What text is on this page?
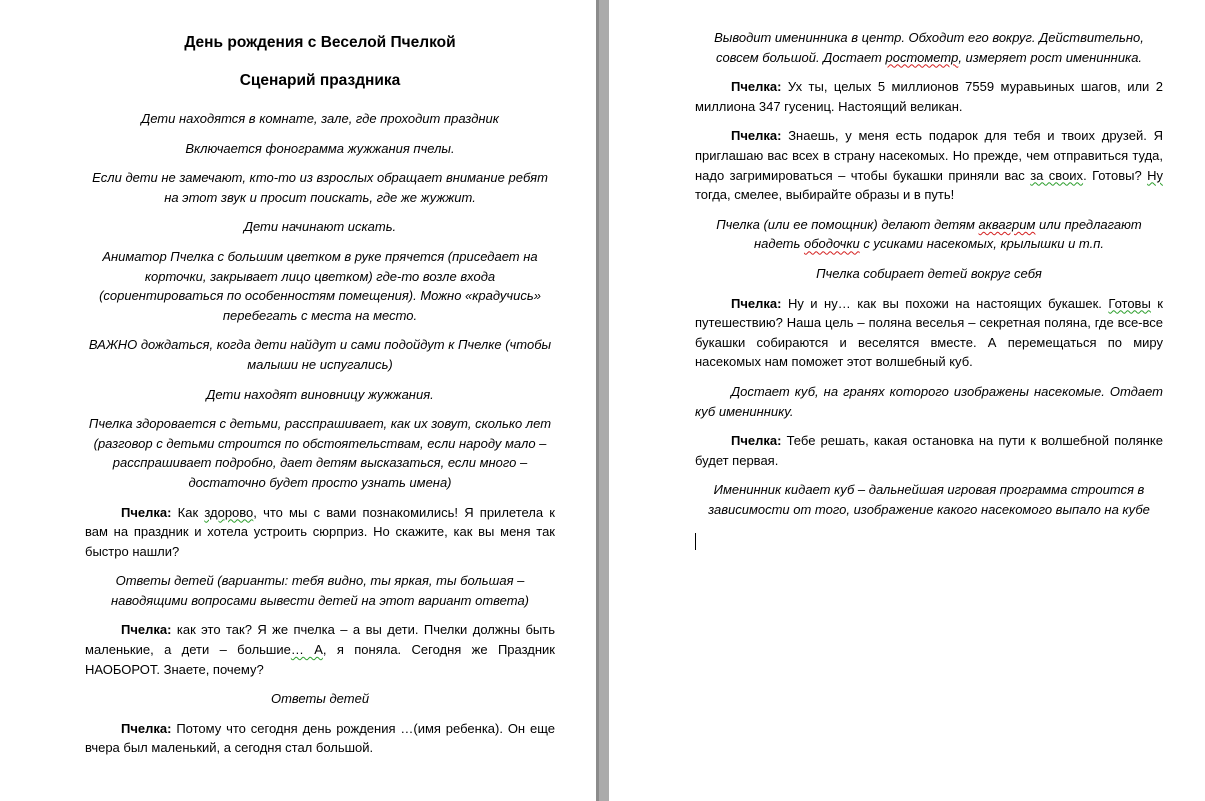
День рождения с Веселой Пчелкой
Сценарий праздника
Дети находятся в комнате, зале, где проходит праздник
Включается фонограмма жужжания пчелы.
Если дети не замечают, кто-то из взрослых обращает внимание ребят на этот звук и просит поискать, где же жужжит.
Дети начинают искать.
Аниматор Пчелка с большим цветком в руке прячется (приседает на корточки, закрывает лицо цветком) где-то возле входа (сориентироваться по особенностям помещения). Можно «крадучись» перебегать с места на место.
ВАЖНО дождаться, когда дети найдут и сами подойдут к Пчелке (чтобы малыши не испугались)
Дети находят виновницу жужжания.
Пчелка здоровается с детьми, расспрашивает, как их зовут, сколько лет (разговор с детьми строится по обстоятельствам, если народу мало – расспрашивает подробно, дает детям высказаться, если много – достаточно будет просто узнать имена)
Пчелка: Как здорово, что мы с вами познакомились! Я прилетела к вам на праздник и хотела устроить сюрприз. Но скажите, как вы меня так быстро нашли?
Ответы детей (варианты: тебя видно, ты яркая, ты большая – наводящими вопросами вывести детей на этот вариант ответа)
Пчелка: как это так? Я же пчелка – а вы дети. Пчелки должны быть маленькие, а дети – большие… А, я поняла. Сегодня же Праздник НАОБОРОТ. Знаете, почему?
Ответы детей
Пчелка: Потому что сегодня день рождения …(имя ребенка). Он еще вчера был маленький, а сегодня стал большой.
Выводит именинника в центр. Обходит его вокруг. Действительно, совсем большой. Достает ростометр, измеряет рост именинника.
Пчелка: Ух ты, целых 5 миллионов 7559 муравьиных шагов, или 2 миллиона 347 гусениц. Настоящий великан.
Пчелка: Знаешь, у меня есть подарок для тебя и твоих друзей. Я приглашаю вас всех в страну насекомых. Но прежде, чем отправиться туда, надо загримироваться – чтобы букашки приняли вас за своих. Готовы? Ну тогда, смелее, выбирайте образы и в путь!
Пчелка (или ее помощник) делают детям аквагрим или предлагают надеть ободочки с усиками насекомых, крылышки и т.п.
Пчелка собирает детей вокруг себя
Пчелка: Ну и ну… как вы похожи на настоящих букашек. Готовы к путешествию? Наша цель – поляна веселья – секретная поляна, где все-все букашки собираются и веселятся вместе. А перемещаться по миру насекомых нам поможет этот волшебный куб.
Достает куб, на гранях которого изображены насекомые. Отдает куб имениннику.
Пчелка: Тебе решать, какая остановка на пути к волшебной полянке будет первая.
Именинник кидает куб – дальнейшая игровая программа строится в зависимости от того, изображение какого насекомого выпало на кубе
